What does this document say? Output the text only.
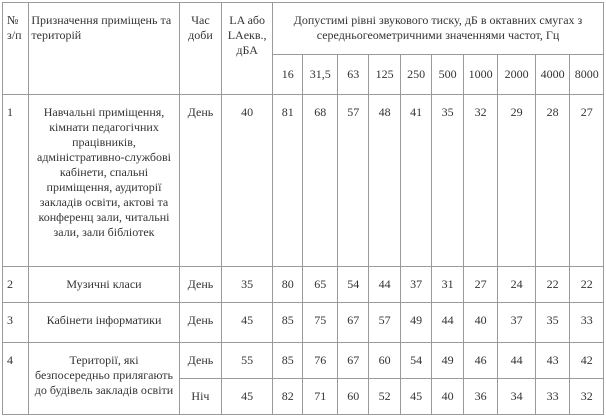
№ з/п	Призначення приміщень та територій	Час доби	LA або LAекв., дБА	Допустимі рівні звукового тиску, дБ в октавних смугах з середньогеометричними значеннями частот, Гц									
				16	31,5	63	125	250	500	1000	2000	4000	8000
1	Навчальні приміщення, кімнати педагогічних працівників, адміністративно-службові кабінети, спальні приміщення, аудиторії закладів освіти, актові та конференц зали, читальні зали, зали бібліотек	День	40	81	68	57	48	41	35	32	29	28	27
2	Музичні класи	День	35	80	65	54	44	37	31	27	24	22	22
3	Кабінети інформатики	День	45	85	75	67	57	49	44	40	37	35	33
4	Території, які безпосередньо прилягають до будівель закладів освіти	День	55	85	76	67	60	54	49	46	44	43	42
		Ніч	45	82	71	60	52	45	40	36	34	33	32
